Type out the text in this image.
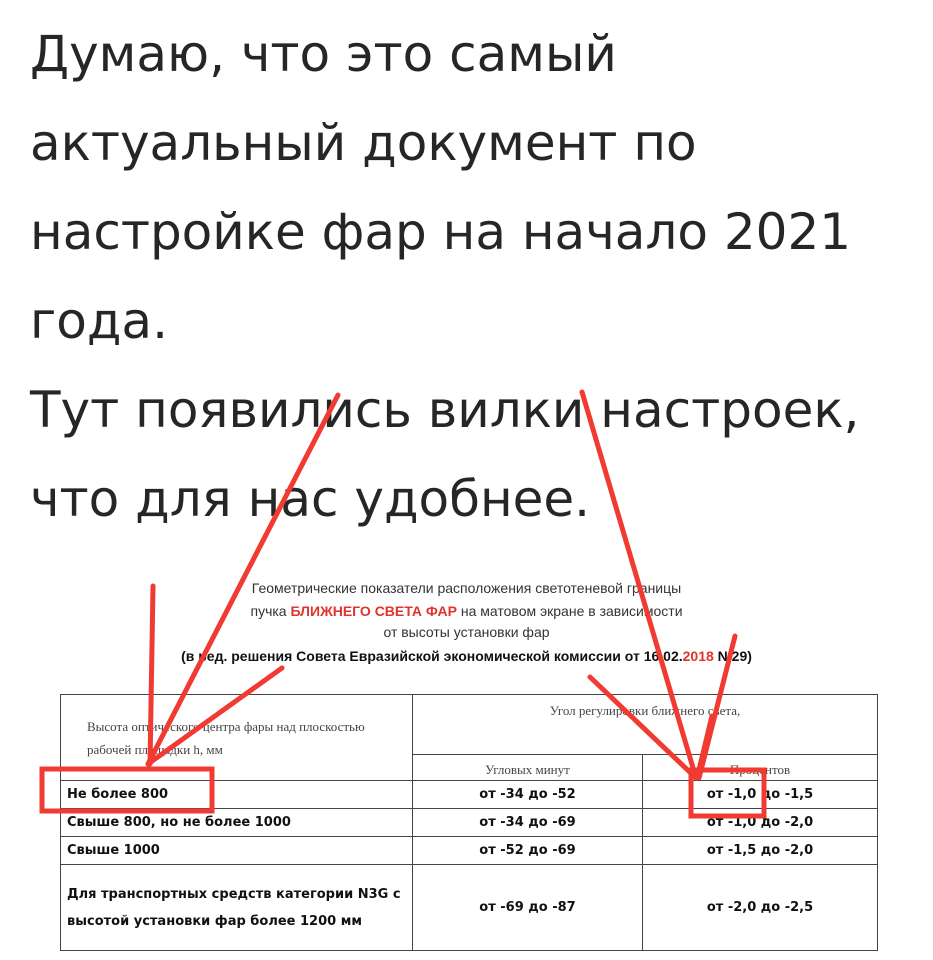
Думаю, что это самый

актуальный документ по

настройке фар на начало 2021

года.

Тут появились вилки настроек,

что для нас удобнее.

Геометрические показатели расположения светотеневой границы
пучка БЛИЖНЕГО СВЕТА ФАР на матовом экране в зависимости
от высоты установки фар
(в ред. решения Совета Евразийской экономической комиссии от 16.02.2018 N 29)
Высота оптического центра фары над плоскостью рабочей площадки h, мм	Угол регулировки ближнего света,	
	Угловых минут	Процентов
Не более 800	от -34 до -52	от -1,0 до -1,5
Свыше 800, но не более 1000	от -34 до -69	от -1,0 до -2,0
Свыше 1000	от -52 до -69	от -1,5 до -2,0
Для транспортных средств категории N3G с высотой установки фар более 1200 мм	от -69 до -87	от -2,0 до -2,5
